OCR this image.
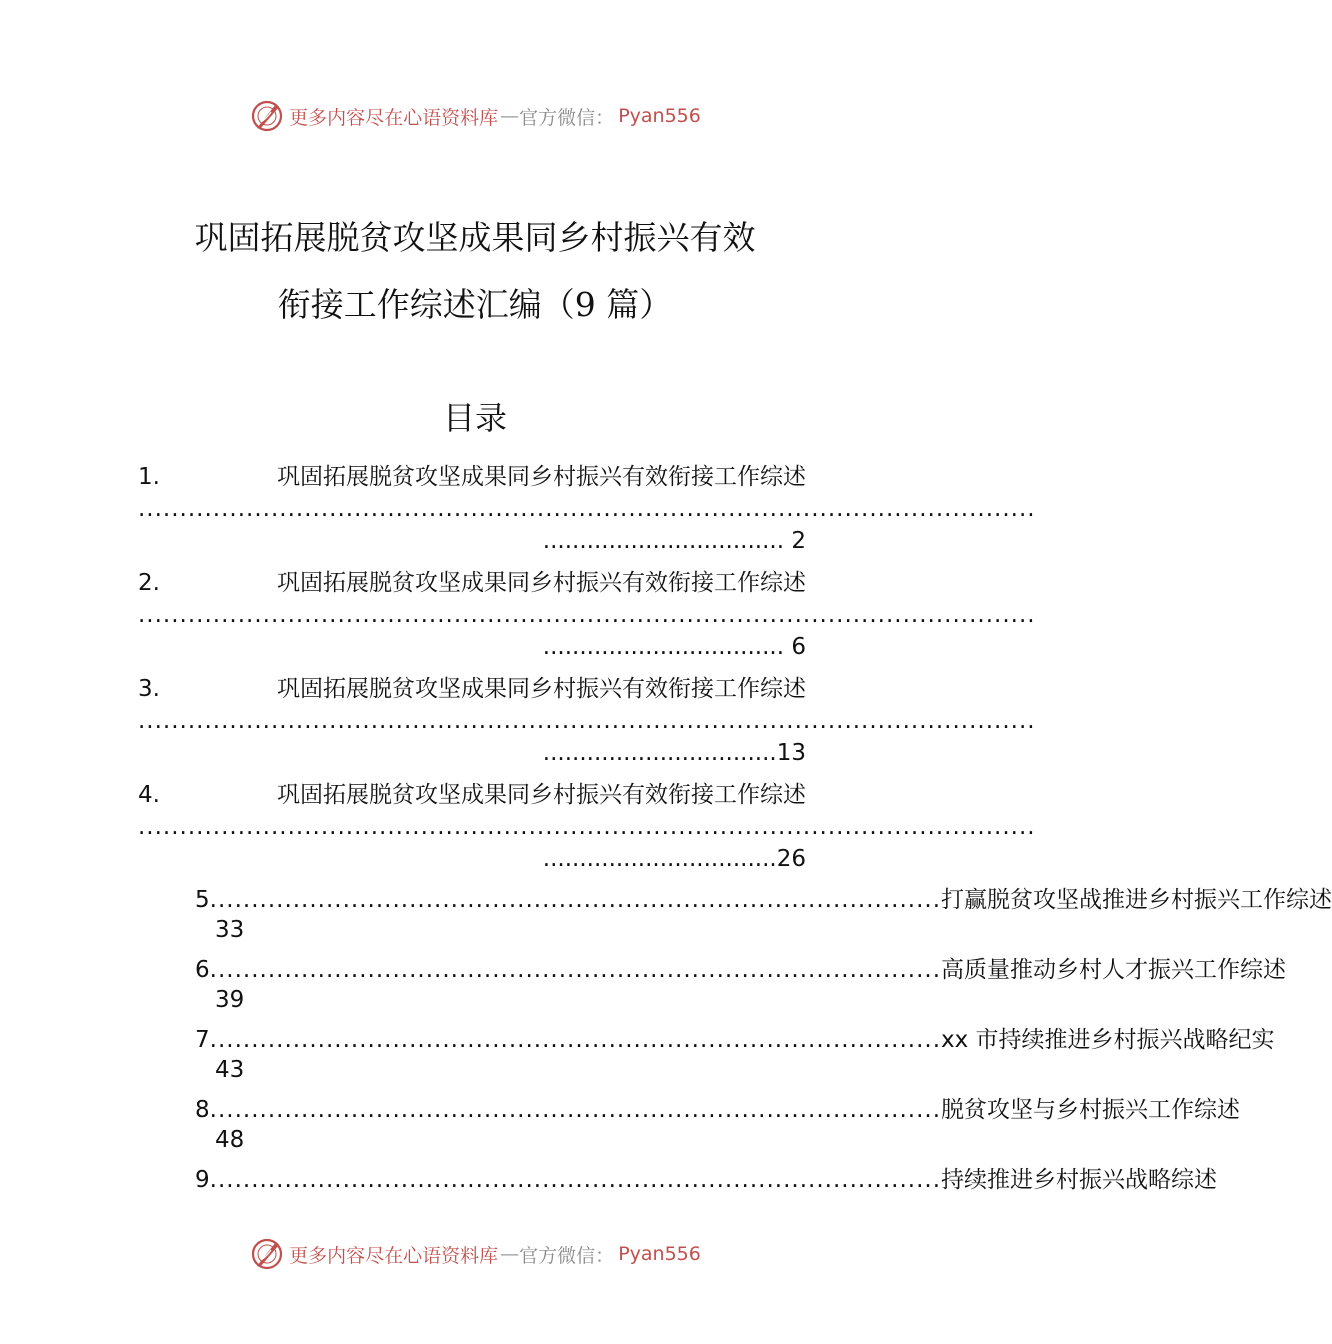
更多内容尽在心语资料库 — 官方微信： Pyan556
巩固拓展脱贫攻坚成果同乡村振兴有效
衔接工作综述汇编（9 篇）
目录
1.	巩固拓展脱贫攻坚成果同乡村振兴有效衔接工作综述
............................................................................................................
................................. 2
2.	巩固拓展脱贫攻坚成果同乡村振兴有效衔接工作综述
............................................................................................................
................................. 6
3.	巩固拓展脱贫攻坚成果同乡村振兴有效衔接工作综述
............................................................................................................
................................13
4.	巩固拓展脱贫攻坚成果同乡村振兴有效衔接工作综述
............................................................................................................
................................26
5 ........................................................................................ 打赢脱贫攻坚战推进乡村振兴工作综述
33
6 ........................................................................................ 高质量推动乡村人才振兴工作综述
39
7 ........................................................................................ xx 市持续推进乡村振兴战略纪实
43
8 ........................................................................................ 脱贫攻坚与乡村振兴工作综述
48
9 ........................................................................................ 持续推进乡村振兴战略综述
更多内容尽在心语资料库 — 官方微信： Pyan556
